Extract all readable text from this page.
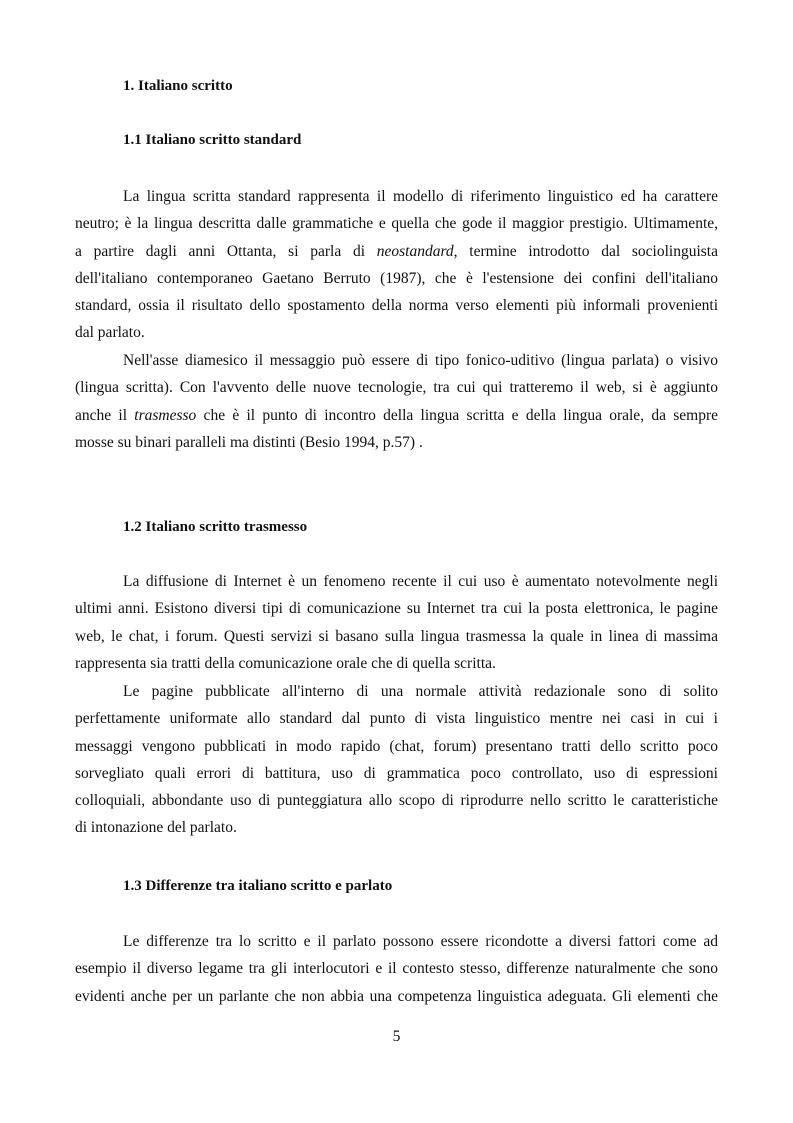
1. Italiano scritto
1.1 Italiano scritto standard
La lingua scritta standard rappresenta il modello di riferimento linguistico ed ha carattere
neutro; è la lingua descritta dalle grammatiche e quella che gode il maggior prestigio. Ultimamente,
a partire dagli anni Ottanta, si parla di neostandard, termine introdotto dal sociolinguista
dell'italiano contemporaneo Gaetano Berruto (1987), che è l'estensione dei confini dell'italiano
standard, ossia il risultato dello spostamento della norma verso elementi più informali provenienti
dal parlato.
Nell'asse diamesico il messaggio può essere di tipo fonico-uditivo (lingua parlata) o visivo
(lingua scritta). Con l'avvento delle nuove tecnologie, tra cui qui tratteremo il web, si è aggiunto
anche il trasmesso che è il punto di incontro della lingua scritta e della lingua orale, da sempre
mosse su binari paralleli ma distinti (Besio 1994, p.57) .
1.2 Italiano scritto trasmesso
La diffusione di Internet è un fenomeno recente il cui uso è aumentato notevolmente negli
ultimi anni. Esistono diversi tipi di comunicazione su Internet tra cui la posta elettronica, le pagine
web, le chat, i forum. Questi servizi si basano sulla lingua trasmessa la quale in linea di massima
rappresenta sia tratti della comunicazione orale che di quella scritta.
Le pagine pubblicate all'interno di una normale attività redazionale sono di solito
perfettamente uniformate allo standard dal punto di vista linguistico mentre nei casi in cui i
messaggi vengono pubblicati in modo rapido (chat, forum) presentano tratti dello scritto poco
sorvegliato quali errori di battitura, uso di grammatica poco controllato, uso di espressioni
colloquiali, abbondante uso di punteggiatura allo scopo di riprodurre nello scritto le caratteristiche
di intonazione del parlato.
1.3 Differenze tra italiano scritto e parlato
Le differenze tra lo scritto e il parlato possono essere ricondotte a diversi fattori come ad
esempio il diverso legame tra gli interlocutori e il contesto stesso, differenze naturalmente che sono
evidenti anche per un parlante che non abbia una competenza linguistica adeguata. Gli elementi che
5
